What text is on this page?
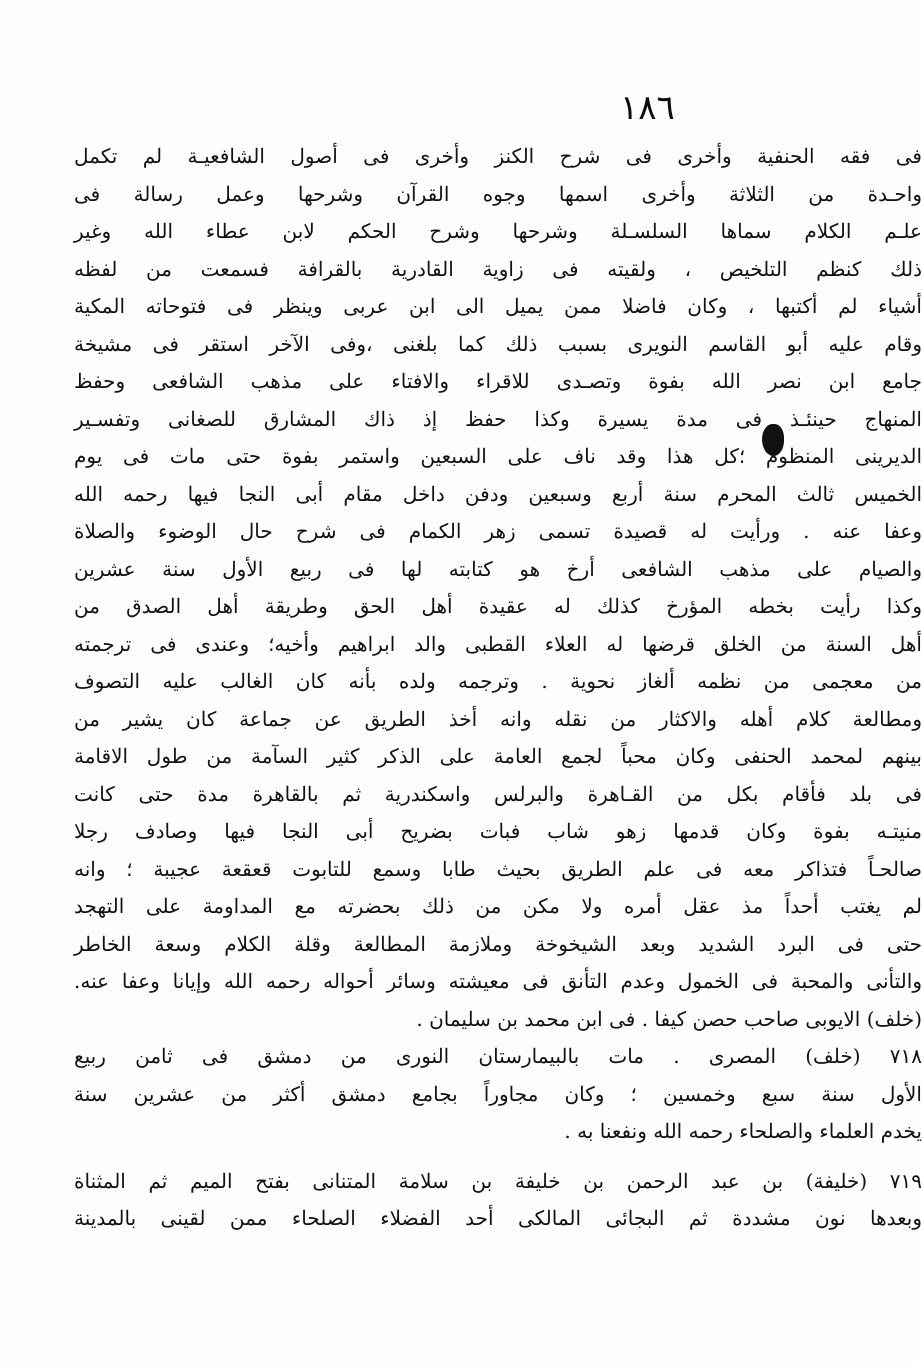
١٨٦
فى فقه الحنفية وأخرى فى شرح الكنز وأخرى فى أصول الشافعيـة لم تكمل
واحـدة من الثلاثة وأخرى اسمها وجوه القرآن وشرحها وعمل رسالة فى
علـم الكلام سماها السلسـلة وشرحها وشرح الحكم لابن عطاء الله وغير
ذلك كنظم التلخيص ، ولقيته فى زاوية القادرية بالقرافة فسمعت من لفظه
أشياء لم أكتبها ، وكان فاضلا ممن يميل الى ابن عربى وينظر فى فتوحاته المكية
وقام عليه أبو القاسم النويرى بسبب ذلك كما بلغنى ،وفى الآخر استقر فى مشيخة
جامع ابن نصر الله بفوة وتصـدى للاقراء والافتاء على مذهب الشافعى وحفظ
المنهاج حينئـذ فى مدة يسيرة وكذا حفظ إذ ذاك المشارق للصغانى وتفسـير
الديرينى المنظوم ؛كل هذا وقد ناف على السبعين واستمر بفوة حتى مات فى يوم
الخميس ثالث المحرم سنة أربع وسبعين ودفن داخل مقام أبى النجا فيها رحمه الله
وعفا عنه . ورأيت له قصيدة تسمى زهر الكمام فى شرح حال الوضوء والصلاة
والصيام على مذهب الشافعى أرخ هو كتابته لها فى ربيع الأول سنة عشرين
وكذا رأيت بخطه المؤرخ كذلك له عقيدة أهل الحق وطريقة أهل الصدق من
أهل السنة من الخلق قرضها له العلاء القطبى والد ابراهيم وأخيه؛ وعندى فى ترجمته
من معجمى من نظمه ألغاز نحوية . وترجمه ولده بأنه كان الغالب عليه التصوف
ومطالعة كلام أهله والاكثار من نقله وانه أخذ الطريق عن جماعة كان يشير من
بينهم لمحمد الحنفى وكان محباً لجمع العامة على الذكر كثير السآمة من طول الاقامة
فى بلد فأقام بكل من القـاهرة والبرلس واسكندرية ثم بالقاهرة مدة حتى كانت
منيتـه بفوة وكان قدمها زهو شاب فبات بضريح أبى النجا فيها وصادف رجلا
صالحـاً فتذاكر معه فى علم الطريق بحيث طابا وسمع للتابوت قعقعة عجيبة ؛ وانه
لم يغتب أحداً مذ عقل أمره ولا مكن من ذلك بحضرته مع المداومة على التهجد
حتى فى البرد الشديد وبعد الشيخوخة وملازمة المطالعة وقلة الكلام وسعة الخاطر
والتأنى والمحبة فى الخمول وعدم التأنق فى معيشته وسائر أحواله رحمه الله وإيانا وعفا عنه.
(خلف) الايوبى صاحب حصن كيفا . فى ابن محمد بن سليمان .
٧١٨ (خلف) المصرى . مات بالبيمارستان النورى من دمشق فى ثامن ربيع
الأول سنة سبع وخمسين ؛ وكان مجاوراً بجامع دمشق أكثر من عشرين سنة
يخدم العلماء والصلحاء رحمه الله ونفعنا به .
٧١٩ (خليفة) بن عبد الرحمن بن خليفة بن سلامة المتنانى بفتح الميم ثم المثناة
وبعدها نون مشددة ثم البجائى المالكى أحد الفضلاء الصلحاء ممن لقينى بالمدينة
